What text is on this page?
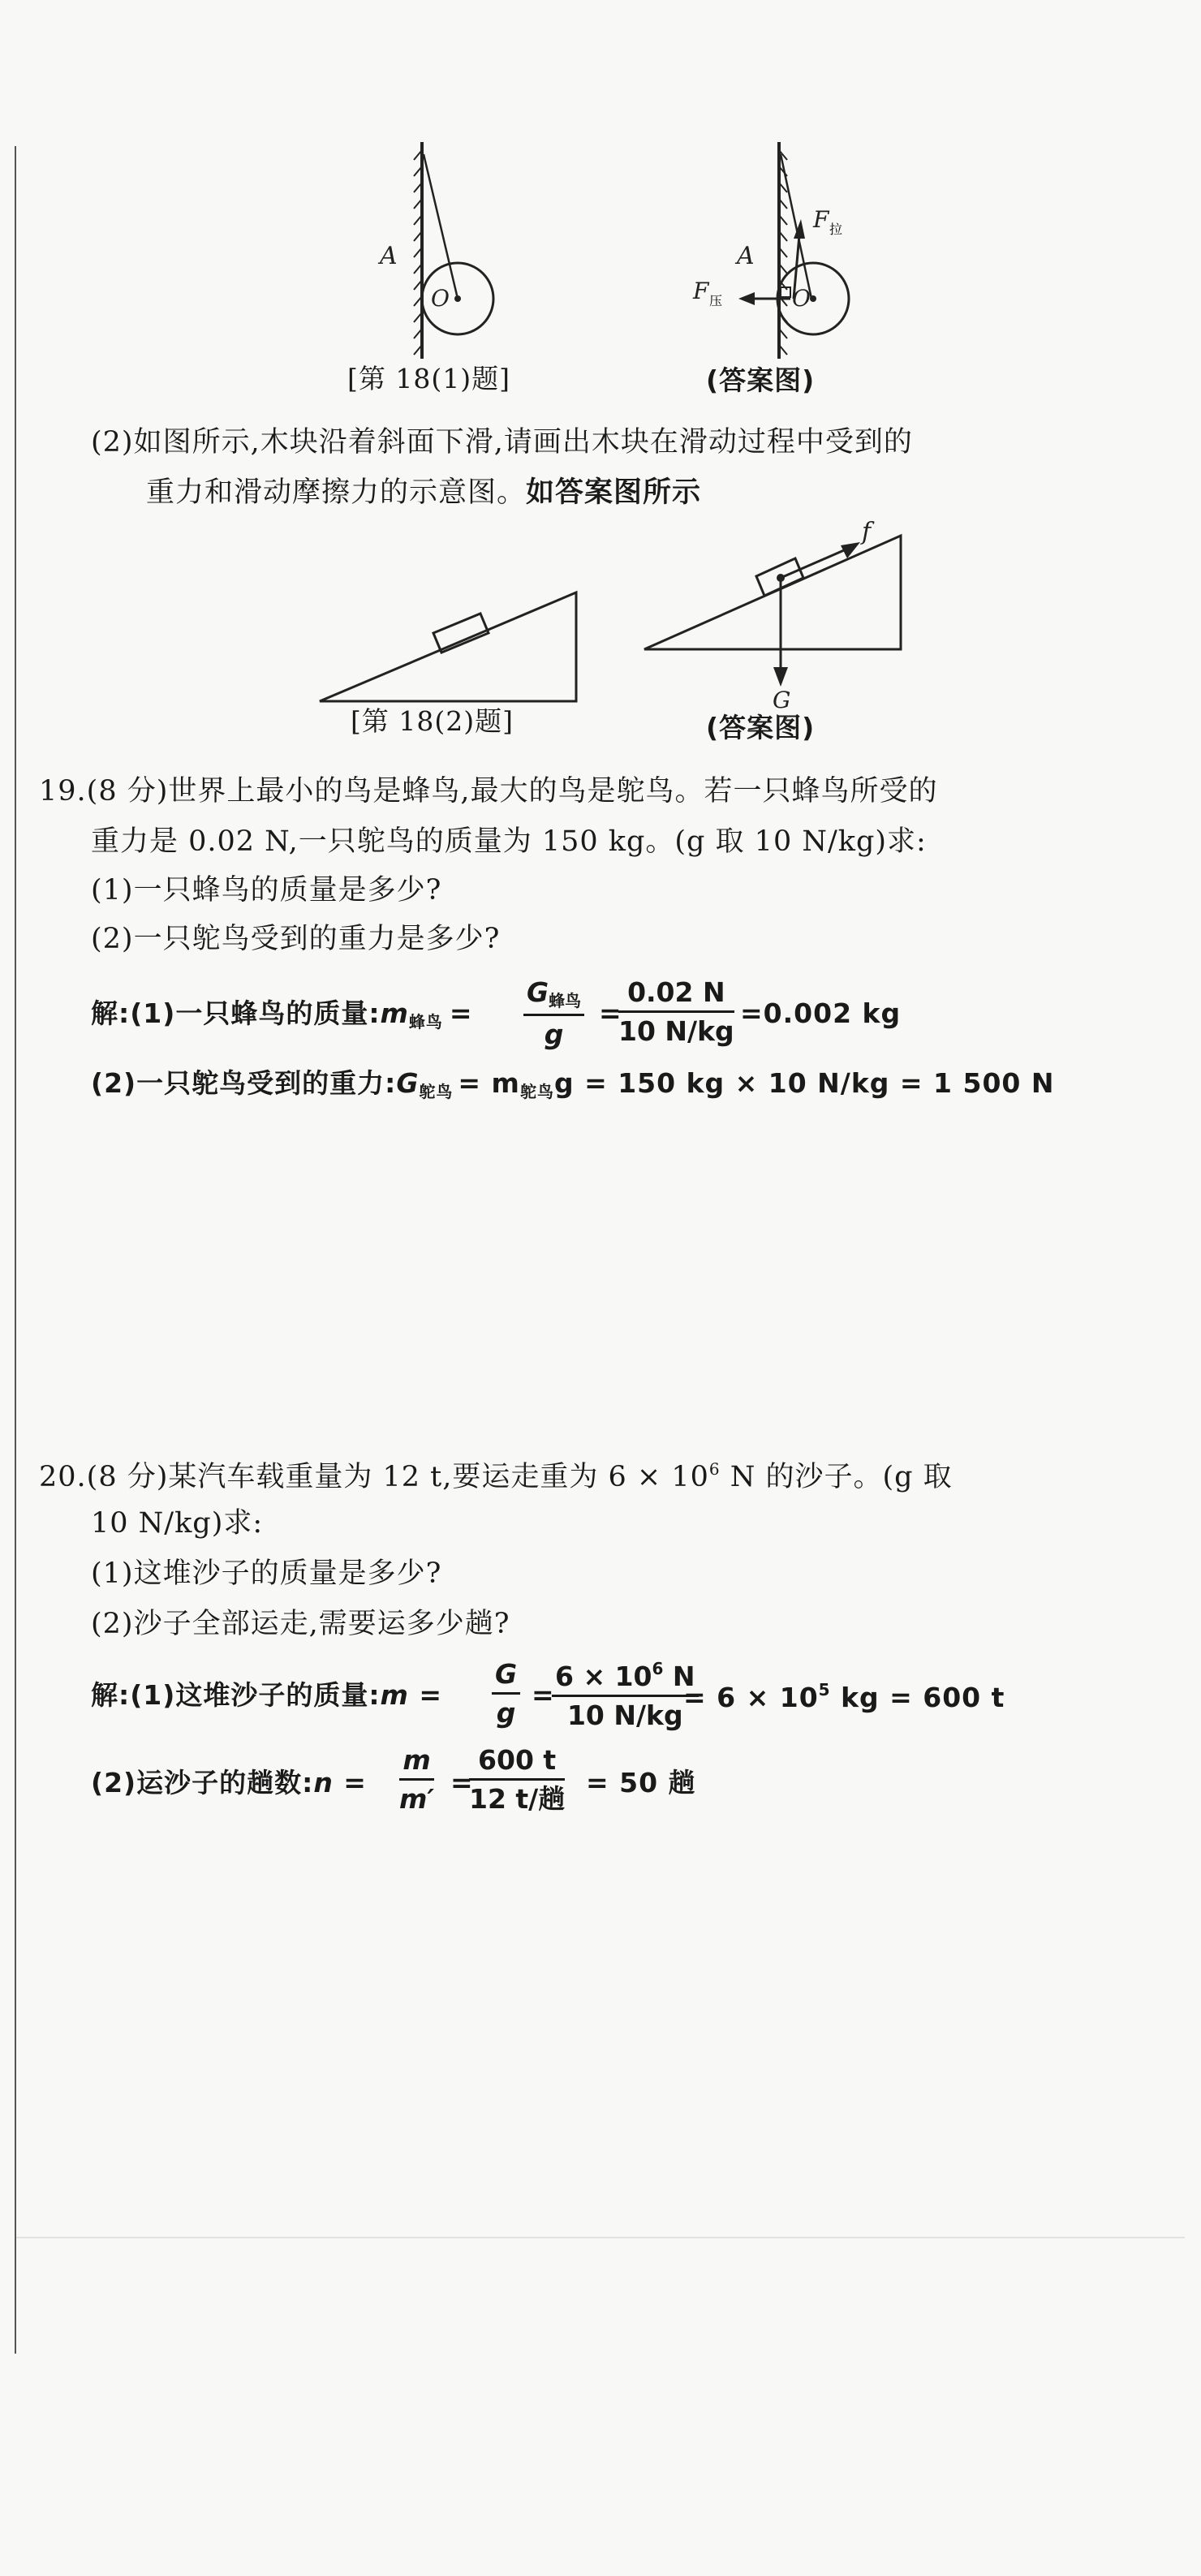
A
O
[第 18(1)题]
A
O
F 拉
F 压
(答案图)
(2)如图所示,木块沿着斜面下滑,请画出木块在滑动过程中受到的
重力和滑动摩擦力的示意图。如答案图所示
[第 18(2)题]
f
G
(答案图)
19.(8 分)世界上最小的鸟是蜂鸟,最大的鸟是鸵鸟。若一只蜂鸟所受的
重力是 0.02 N,一只鸵鸟的质量为 150 kg。(g 取 10 N/kg)求:
(1)一只蜂鸟的质量是多少?
(2)一只鸵鸟受到的重力是多少?
解:(1)一只蜂鸟的质量$:m_{蜂鸟}$ =
$G_{蜂鸟}$
g
=
$\frac{0.02 N}{10 N/kg} =0.002$ kg
(2)一只鸵鸟受到的重力$:G_{鸵鸟} = m_{鸵鸟}g = 150$ kg × 10 N/kg = 1 500 N
20.(8 分)某汽车载重量为 12 t,要运走重为 $6 \times 10^6$ N 的沙子。(g 取
10 N/kg)求:
(1)这堆沙子的质量是多少?
(2)沙子全部运走,需要运多少趟?
解:(1)这堆沙子的质量:m = $\frac{G}{g}$ =
$\frac{6 \times 10^6 N}{10 N/kg}$
= $6 \times 10^5$ kg = 600 t
(2)运沙子的趟数:n = $\frac{m}{m'}$ =
600 t
12 t/趟
= 50 趟
